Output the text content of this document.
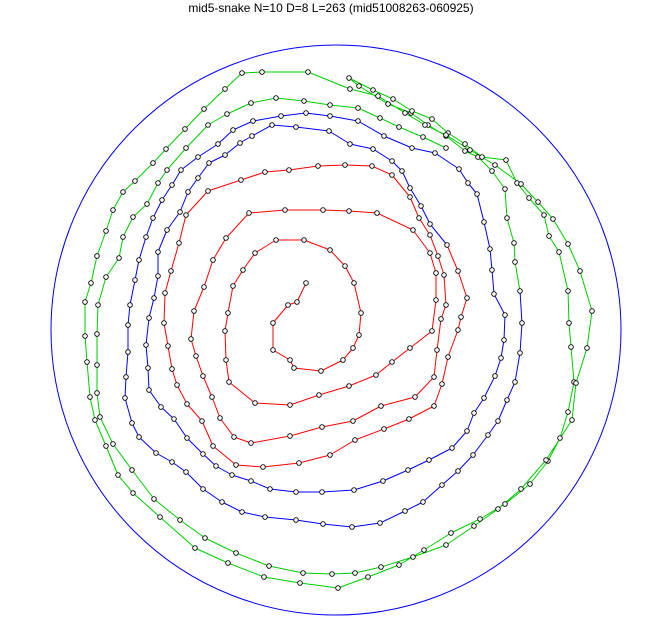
mid5-snake N=10 D=8 L=263 (mid51008263-060925)
